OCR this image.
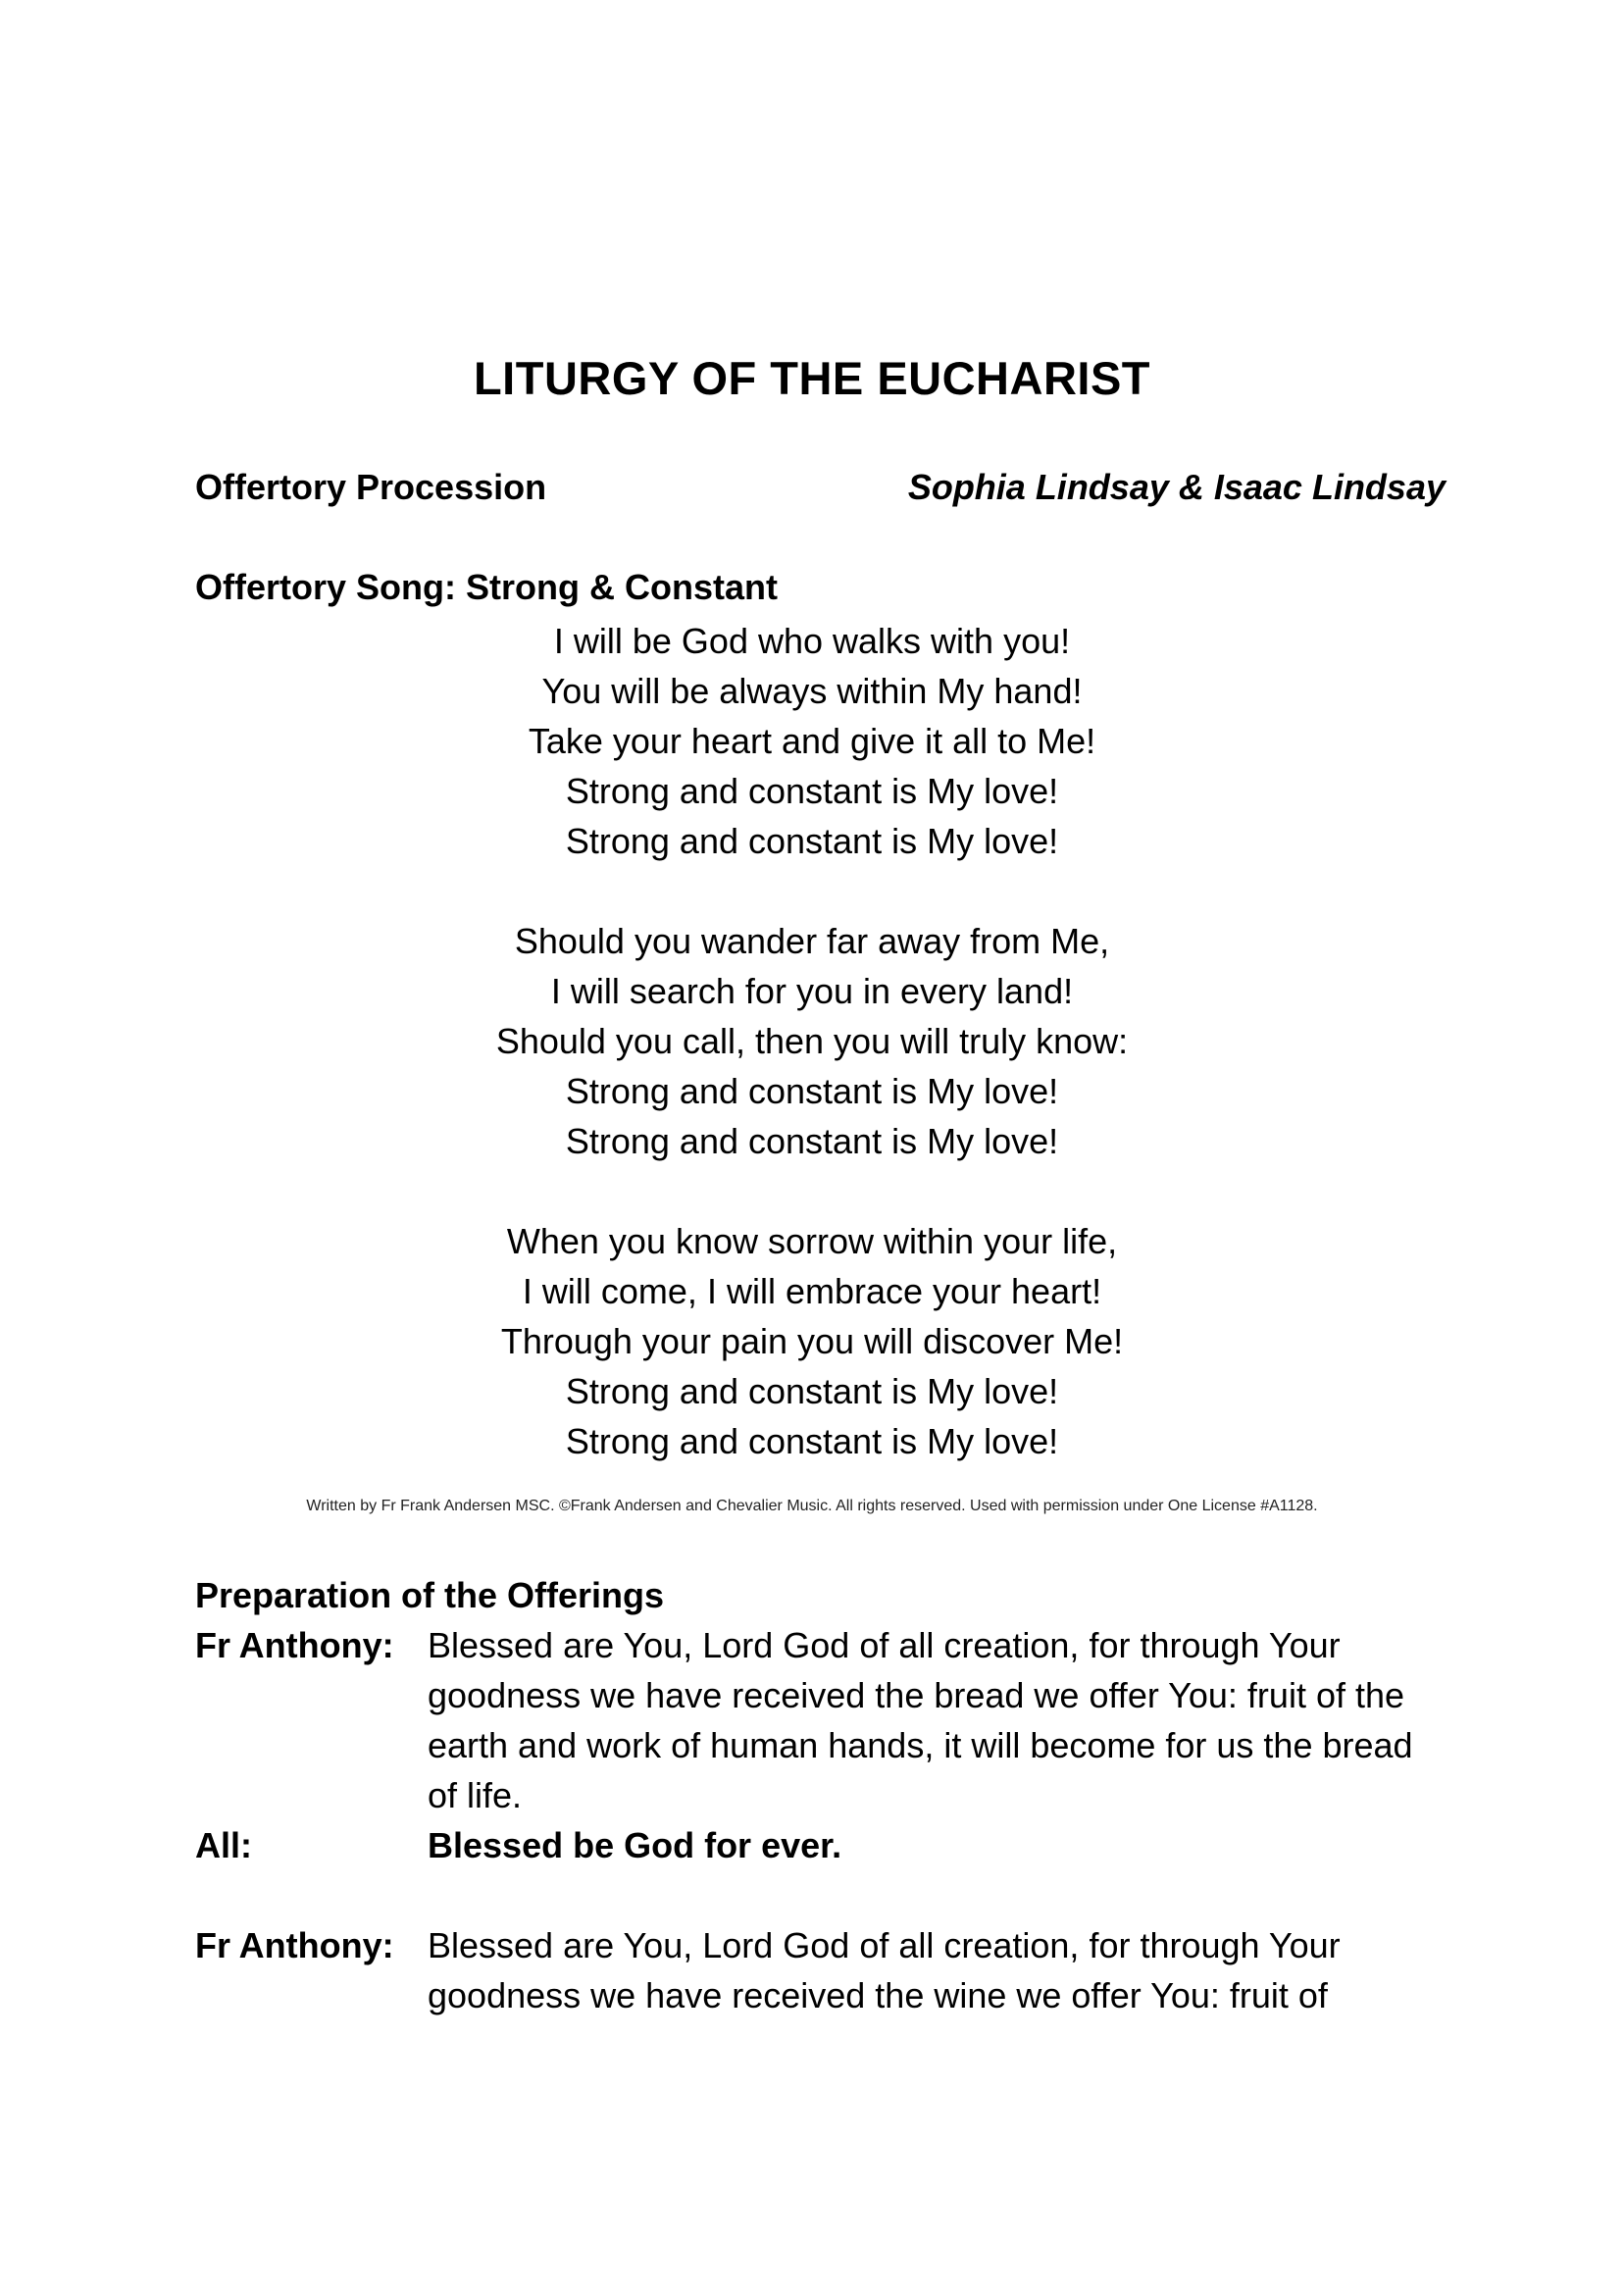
LITURGY OF THE EUCHARIST
Offertory Procession	Sophia Lindsay & Isaac Lindsay
Offertory Song: Strong & Constant
I will be God who walks with you!
You will be always within My hand!
Take your heart and give it all to Me!
Strong and constant is My love!
Strong and constant is My love!
Should you wander far away from Me,
I will search for you in every land!
Should you call, then you will truly know:
Strong and constant is My love!
Strong and constant is My love!
When you know sorrow within your life,
I will come, I will embrace your heart!
Through your pain you will discover Me!
Strong and constant is My love!
Strong and constant is My love!
Written by Fr Frank Andersen MSC. ©Frank Andersen and Chevalier Music. All rights reserved. Used with permission under One License #A1128.
Preparation of the Offerings
Fr Anthony: Blessed are You, Lord God of all creation, for through Your goodness we have received the bread we offer You: fruit of the earth and work of human hands, it will become for us the bread of life.
All:	Blessed be God for ever.
Fr Anthony: Blessed are You, Lord God of all creation, for through Your goodness we have received the wine we offer You: fruit of
